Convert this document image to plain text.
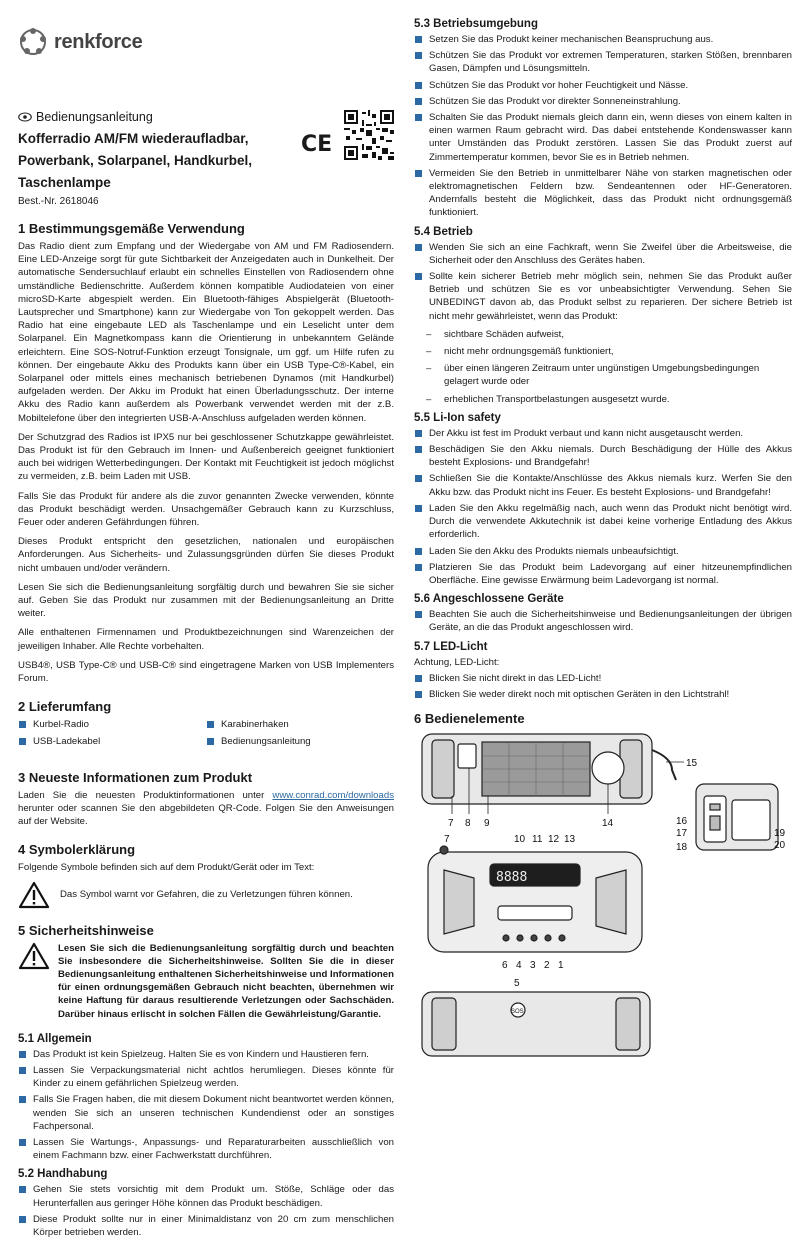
renkforce
Bedienungsanleitung
Kofferradio AM/FM wiederaufladbar, Powerbank, Solarpanel, Handkurbel, Taschenlampe
Best.-Nr. 2618046
CE
1 Bestimmungsgemäße Verwendung

Das Radio dient zum Empfang und der Wiedergabe von AM und FM Radiosendern. Eine LED-Anzeige sorgt für gute Sichtbarkeit der Anzeigedaten auch in Dunkelheit. Der automatische Sendersuchlauf erlaubt ein schnelles Einstellen von Radiosendern ohne umständliche Bedienschritte. Außerdem können kompatible Audiodateien von einer microSD-Karte abgespielt werden. Ein Bluetooth-fähiges Abspielgerät (Bluetooth-Lautsprecher und Smartphone) kann zur Wiedergabe von Ton gekoppelt werden. Das Radio hat eine eingebaute LED als Taschenlampe und ein Leselicht unter dem Solarpanel. Ein Magnetkompass kann die Orientierung in unbekanntem Gelände erleichtern. Eine SOS-Notruf-Funktion erzeugt Tonsignale, um ggf. um Hilfe rufen zu können. Der eingebaute Akku des Produkts kann über ein USB Type-C®-Kabel, ein Solarpanel oder mittels eines mechanisch betriebenen Dynamos (mit Handkurbel) aufgeladen werden. Der Akku im Produkt hat einen Überladungsschutz. Der interne Akku des Radio kann außerdem als Powerbank verwendet werden mit der z.B. Mobiltelefone über den integrierten USB-A-Anschluss aufgeladen werden können.

Der Schutzgrad des Radios ist IPX5 nur bei geschlossener Schutzkappe gewährleistet. Das Produkt ist für den Gebrauch im Innen- und Außenbereich geeignet funktioniert auch bei widrigen Wetterbedingungen. Der Kontakt mit Feuchtigkeit ist jedoch möglichst zu vermeiden, z.B. beim Laden mit USB.

Falls Sie das Produkt für andere als die zuvor genannten Zwecke verwenden, könnte das Produkt beschädigt werden. Unsachgemäßer Gebrauch kann zu Kurzschluss, Feuer oder anderen Gefährdungen führen.

Dieses Produkt entspricht den gesetzlichen, nationalen und europäischen Anforderungen. Aus Sicherheits- und Zulassungsgründen dürfen Sie dieses Produkt nicht umbauen und/oder verändern.

Lesen Sie sich die Bedienungsanleitung sorgfältig durch und bewahren Sie sie sicher auf. Geben Sie das Produkt nur zusammen mit der Bedienungsanleitung an Dritte weiter.

Alle enthaltenen Firmennamen und Produktbezeichnungen sind Warenzeichen der jeweiligen Inhaber. Alle Rechte vorbehalten.

USB4®, USB Type-C® und USB-C® sind eingetragene Marken von USB Implementers Forum.

2 Lieferumfang
Kurbel-Radio
USB-Ladekabel
Karabinerhaken
Bedienungsanleitung
3 Neueste Informationen zum Produkt

Laden Sie die neuesten Produktinformationen unter www.conrad.com/downloads herunter oder scannen Sie den abgebildeten QR-Code. Folgen Sie den Anweisungen auf der Website.

4 Symbolerklärung

Folgende Symbole befinden sich auf dem Produkt/Gerät oder im Text:

Das Symbol warnt vor Gefahren, die zu Verletzungen führen können.

5 Sicherheitshinweise

Lesen Sie sich die Bedienungsanleitung sorgfältig durch und beachten Sie insbesondere die Sicherheitshinweise. Sollten Sie die in dieser Bedienungsanleitung enthaltenen Sicherheitshinweise und Informationen für einen ordnungsgemäßen Gebrauch nicht beachten, übernehmen wir keine Haftung für daraus resultierende Verletzungen oder Sachschäden. Darüber hinaus erlischt in solchen Fällen die Gewährleistung/Garantie.

5.1 Allgemein
Das Produkt ist kein Spielzeug. Halten Sie es von Kindern und Haustieren fern.
Lassen Sie Verpackungsmaterial nicht achtlos herumliegen. Dieses könnte für Kinder zu einem gefährlichen Spielzeug werden.
Falls Sie Fragen haben, die mit diesem Dokument nicht beantwortet werden können, wenden Sie sich an unseren technischen Kundendienst oder an sonstiges Fachpersonal.
Lassen Sie Wartungs-, Anpassungs- und Reparaturarbeiten ausschließlich von einem Fachmann bzw. einer Fachwerkstatt durchführen.
5.2 Handhabung
Gehen Sie stets vorsichtig mit dem Produkt um. Stöße, Schläge oder das Herunterfallen aus geringer Höhe können das Produkt beschädigen.
Diese Produkt sollte nur in einer Minimaldistanz von 20 cm zum menschlichen Körper betrieben werden.
5.3 Betriebsumgebung
Setzen Sie das Produkt keiner mechanischen Beanspruchung aus.
Schützen Sie das Produkt vor extremen Temperaturen, starken Stößen, brennbaren Gasen, Dämpfen und Lösungsmitteln.
Schützen Sie das Produkt vor hoher Feuchtigkeit und Nässe.
Schützen Sie das Produkt vor direkter Sonneneinstrahlung.
Schalten Sie das Produkt niemals gleich dann ein, wenn dieses von einem kalten in einen warmen Raum gebracht wird. Das dabei entstehende Kondenswasser kann unter Umständen das Produkt zerstören. Lassen Sie das Produkt zuerst auf Zimmertemperatur kommen, bevor Sie es in Betrieb nehmen.
Vermeiden Sie den Betrieb in unmittelbarer Nähe von starken magnetischen oder elektromagnetischen Feldern bzw. Sendeantennen oder HF-Generatoren. Andernfalls besteht die Möglichkeit, dass das Produkt nicht ordnungsgemäß funktioniert.
5.4 Betrieb
Wenden Sie sich an eine Fachkraft, wenn Sie Zweifel über die Arbeitsweise, die Sicherheit oder den Anschluss des Gerätes haben.
Sollte kein sicherer Betrieb mehr möglich sein, nehmen Sie das Produkt außer Betrieb und schützen Sie es vor unbeabsichtigter Verwendung. Sehen Sie UNBEDINGT davon ab, das Produkt selbst zu reparieren. Der sichere Betrieb ist nicht mehr gewährleistet, wenn das Produkt:
– sichtbare Schäden aufweist,
– nicht mehr ordnungsgemäß funktioniert,
– über einen längeren Zeitraum unter ungünstigen Umgebungsbedingungen gelagert wurde oder
– erheblichen Transportbelastungen ausgesetzt wurde.
5.5 Li-Ion safety
Der Akku ist fest im Produkt verbaut und kann nicht ausgetauscht werden.
Beschädigen Sie den Akku niemals. Durch Beschädigung der Hülle des Akkus besteht Explosions- und Brandgefahr!
Schließen Sie die Kontakte/Anschlüsse des Akkus niemals kurz. Werfen Sie den Akku bzw. das Produkt nicht ins Feuer. Es besteht Explosions- und Brandgefahr!
Laden Sie den Akku regelmäßig nach, auch wenn das Produkt nicht benötigt wird. Durch die verwendete Akkutechnik ist dabei keine vorherige Entladung des Akkus erforderlich.
Laden Sie den Akku des Produkts niemals unbeaufsichtigt.
Platzieren Sie das Produkt beim Ladevorgang auf einer hitzeunempfindlichen Oberfläche. Eine gewisse Erwärmung beim Ladevorgang ist normal.
5.6 Angeschlossene Geräte
Beachten Sie auch die Sicherheitshinweise und Bedienungsanleitungen der übrigen Geräte, an die das Produkt angeschlossen wird.
5.7 LED-Licht

Achtung, LED-Licht:

Blicken Sie nicht direkt in das LED-Licht!
Blicken Sie weder direkt noch mit optischen Geräten in den Lichtstrahl!
6 Bedienelemente
15
7 8 9	14	16
17
18
19
20
7	10 11 12 13
8888
6 4 3 2 1
5
SOS
